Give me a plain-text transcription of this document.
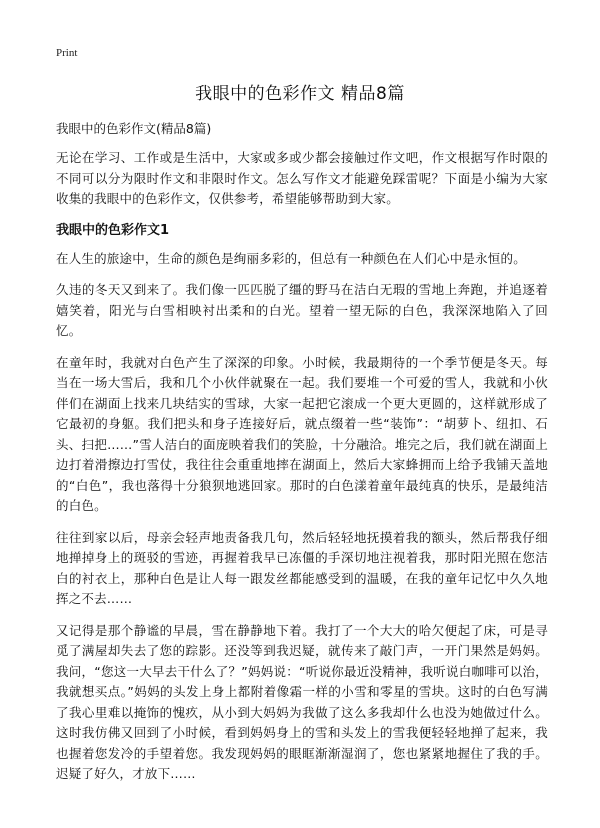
Print
我眼中的色彩作文 精品8篇
我眼中的色彩作文(精品8篇)

无论在学习、工作或是生活中，大家或多或少都会接触过作文吧，作文根据写作时限的不同可以分为限时作文和非限时作文。怎么写作文才能避免踩雷呢？下面是小编为大家收集的我眼中的色彩作文，仅供参考，希望能够帮助到大家。

我眼中的色彩作文1

在人生的旅途中，生命的颜色是绚丽多彩的，但总有一种颜色在人们心中是永恒的。

久违的冬天又到来了。我们像一匹匹脱了缰的野马在洁白无瑕的雪地上奔跑，并追逐着嬉笑着，阳光与白雪相映衬出柔和的白光。望着一望无际的白色，我深深地陷入了回忆。

在童年时，我就对白色产生了深深的印象。小时候，我最期待的一个季节便是冬天。每当在一场大雪后，我和几个小伙伴就聚在一起。我们要堆一个可爱的雪人，我就和小伙伴们在湖面上找来几块结实的雪球，大家一起把它滚成一个更大更圆的，这样就形成了它最初的身躯。我们把头和身子连接好后，就点缀着一些“装饰”：“胡萝卜、纽扣、石头、扫把……”雪人洁白的面庞映着我们的笑脸，十分融洽。堆完之后，我们就在湖面上边打着滑擦边打雪仗，我往往会重重地摔在湖面上，然后大家蜂拥而上给予我铺天盖地的“白色”，我也落得十分狼狈地逃回家。那时的白色漾着童年最纯真的快乐，是最纯洁的白色。

往往到家以后，母亲会轻声地责备我几句，然后轻轻地抚摸着我的额头，然后帮我仔细地掸掉身上的斑驳的雪迹，再握着我早已冻僵的手深切地注视着我，那时阳光照在您洁白的衬衣上，那种白色是让人每一跟发丝都能感受到的温暖，在我的童年记忆中久久地挥之不去……

又记得是那个静谧的早晨，雪在静静地下着。我打了一个大大的哈欠便起了床，可是寻觅了满屋却失去了您的踪影。还没等到我迟疑，就传来了敲门声，一开门果然是妈妈。我问，“您这一大早去干什么了？”妈妈说：“听说你最近没精神，我听说白咖啡可以治，我就想买点。”妈妈的头发上身上都附着像霜一样的小雪和零星的雪块。这时的白色写满了我心里难以掩饰的愧疚，从小到大妈妈为我做了这么多我却什么也没为她做过什么。这时我仿佛又回到了小时候，看到妈妈身上的雪和头发上的雪我便轻轻地掸了起来，我也握着您发冷的手望着您。我发现妈妈的眼眶渐渐湿润了，您也紧紧地握住了我的手。迟疑了好久，才放下……
